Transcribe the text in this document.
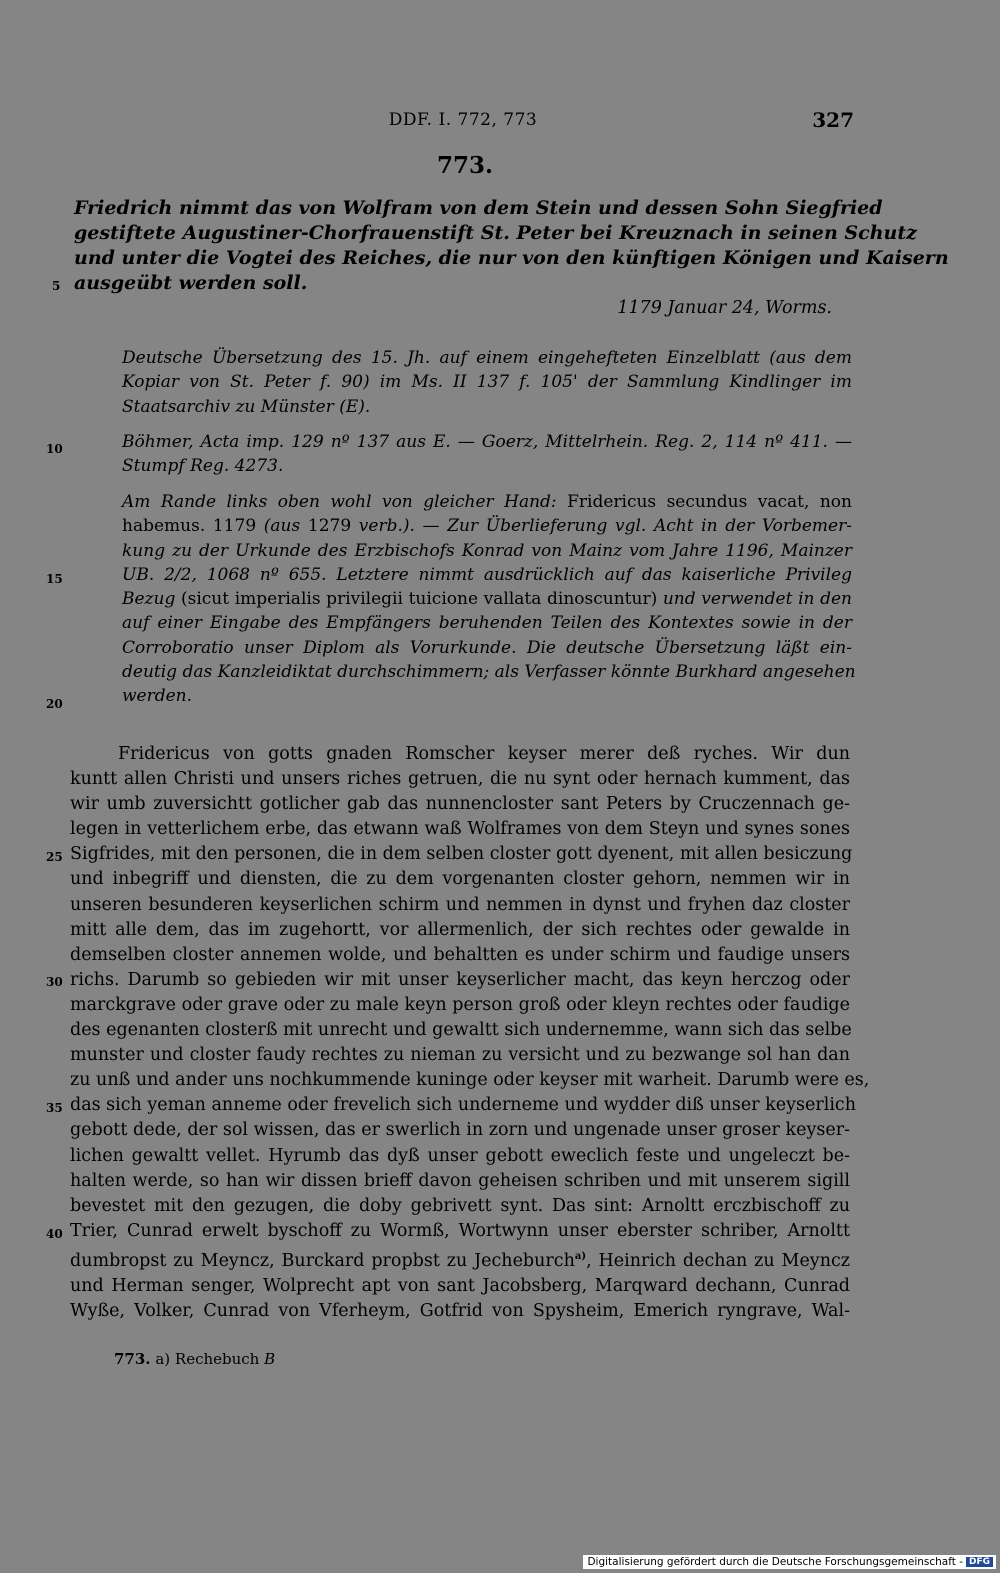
DDF. I. 772, 773	327
773.
Friedrich nimmt das von Wolfram von dem Stein und dessen Sohn Siegfried
gestiftete Augustiner-Chorfrauenstift St. Peter bei Kreuznach in seinen Schutz
und unter die Vogtei des Reiches, die nur von den künftigen Königen und Kaisern
ausgeübt werden soll.
1179 Januar 24, Worms.
5
10
15
20
25
30
35
40
Deutsche Übersetzung des 15. Jh. auf einem eingehefteten Einzelblatt (aus dem
Kopiar von St. Peter f. 90) im Ms. II 137 f. 105' der Sammlung Kindlinger im
Staatsarchiv zu Münster (E).
Böhmer, Acta imp. 129 nº 137 aus E. — Goerz, Mittelrhein. Reg. 2, 114 nº 411. —
Stumpf Reg. 4273.
Am Rande links oben wohl von gleicher Hand: Fridericus secundus vacat, non
habemus. 1179 (aus 1279 verb.). — Zur Überlieferung vgl. Acht in der Vorbemer-
kung zu der Urkunde des Erzbischofs Konrad von Mainz vom Jahre 1196, Mainzer
UB. 2/2, 1068 nº 655. Letztere nimmt ausdrücklich auf das kaiserliche Privileg
Bezug (sicut imperialis privilegii tuicione vallata dinoscuntur) und verwendet in den
auf einer Eingabe des Empfängers beruhenden Teilen des Kontextes sowie in der
Corroboratio unser Diplom als Vorurkunde. Die deutsche Übersetzung läßt ein-
deutig das Kanzleidiktat durchschimmern; als Verfasser könnte Burkhard angesehen
werden.
Fridericus von gotts gnaden Romscher keyser merer deß ryches. Wir dun
kuntt allen Christi und unsers riches getruen, die nu synt oder hernach kumment, das
wir umb zuversichtt gotlicher gab das nunnencloster sant Peters by Cruczennach ge-
legen in vetterlichem erbe, das etwann waß Wolframes von dem Steyn und synes sones
Sigfrides, mit den personen, die in dem selben closter gott dyenent, mit allen besiczung
und inbegriff und diensten, die zu dem vorgenanten closter gehorn, nemmen wir in
unseren besunderen keyserlichen schirm und nemmen in dynst und fryhen daz closter
mitt alle dem, das im zugehortt, vor allermenlich, der sich rechtes oder gewalde in
demselben closter annemen wolde, und behaltten es under schirm und faudige unsers
richs. Darumb so gebieden wir mit unser keyserlicher macht, das keyn herczog oder
marckgrave oder grave oder zu male keyn person groß oder kleyn rechtes oder faudige
des egenanten closterß mit unrecht und gewaltt sich undernemme, wann sich das selbe
munster und closter faudy rechtes zu nieman zu versicht und zu bezwange sol han dan
zu unß und ander uns nochkummende kuninge oder keyser mit warheit. Darumb were es,
das sich yeman anneme oder frevelich sich underneme und wydder diß unser keyserlich
gebott dede, der sol wissen, das er swerlich in zorn und ungenade unser groser keyser-
lichen gewaltt vellet. Hyrumb das dyß unser gebott eweclich feste und ungeleczt be-
halten werde, so han wir dissen brieff davon geheisen schriben und mit unserem sigill
bevestet mit den gezugen, die doby gebrivett synt. Das sint: Arnoltt erczbischoff zu
Trier, Cunrad erwelt byschoff zu Wormß, Wortwynn unser eberster schriber, Arnoltt
dumbropst zu Meyncz, Burckard propbst zu Jecheburch$^{a)}$, Heinrich dechan zu Meyncz
und Herman senger, Wolprecht apt von sant Jacobsberg, Marqward dechann, Cunrad
Wyße, Volker, Cunrad von Vferheym, Gotfrid von Spysheim, Emerich ryngrave, Wal-
773. a) Rechebuch B
Digitalisierung gefördert durch die Deutsche Forschungsgemeinschaft - DFG
